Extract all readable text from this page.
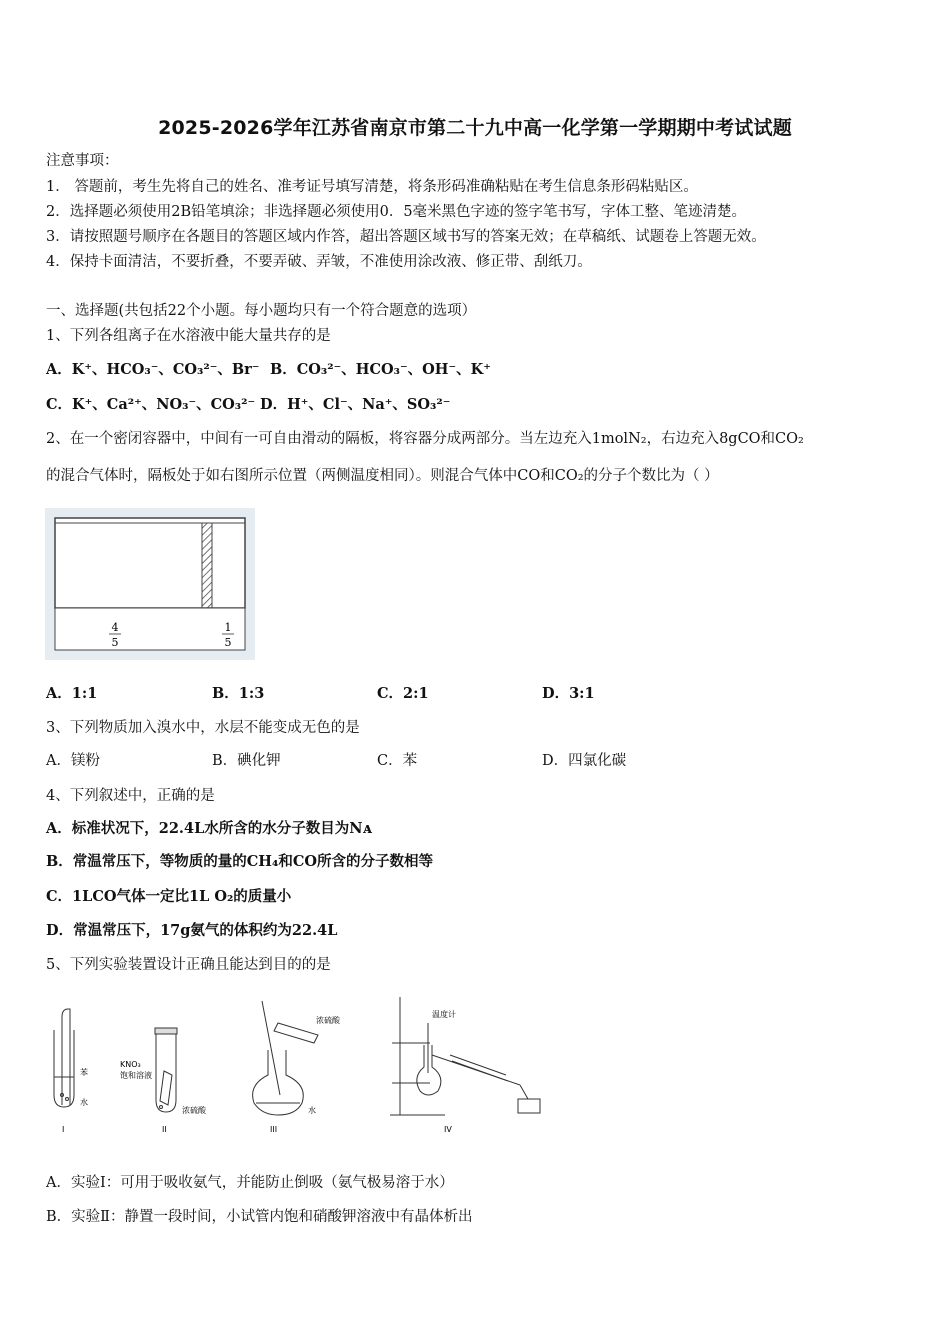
2025-2026学年江苏省南京市第二十九中高一化学第一学期期中考试试题
注意事项：
1． 答题前，考生先将自己的姓名、准考证号填写清楚，将条形码准确粘贴在考生信息条形码粘贴区。
2．选择题必须使用2B铅笔填涂；非选择题必须使用0．5毫米黑色字迹的签字笔书写，字体工整、笔迹清楚。
3．请按照题号顺序在各题目的答题区域内作答，超出答题区域书写的答案无效；在草稿纸、试题卷上答题无效。
4．保持卡面清洁，不要折叠，不要弄破、弄皱，不准使用涂改液、修正带、刮纸刀。
一、选择题(共包括22个小题。每小题均只有一个符合题意的选项）
1、下列各组离子在水溶液中能大量共存的是
A．K⁺、HCO₃⁻、CO₃²⁻、Br⁻ B．CO₃²⁻、HCO₃⁻、OH⁻、K⁺
C．K⁺、Ca²⁺、NO₃⁻、CO₃²⁻ D．H⁺、Cl⁻、Na⁺、SO₃²⁻
2、在一个密闭容器中，中间有一可自由滑动的隔板，将容器分成两部分。当左边充入1molN₂，右边充入8gCO和CO₂
的混合气体时，隔板处于如右图所示位置（两侧温度相同）。则混合气体中CO和CO₂的分子个数比为（ ）
4
5
1
5
A．1:1	B．1:3	C．2:1	D．3:1
3、下列物质加入溴水中，水层不能变成无色的是
A．镁粉	B．碘化钾	C．苯	D．四氯化碳
4、下列叙述中，正确的是
A．标准状况下，22.4L水所含的水分子数目为Nᴀ
B．常温常压下，等物质的量的CH₄和CO所含的分子数相等
C．1LCO气体一定比1L O₂的质量小
D．常温常压下，17g氨气的体积约为22.4L
5、下列实验装置设计正确且能达到目的的是
苯
水
I
KNO₃
饱和溶液
浓硫酸
II
浓硫酸
水
III
温度计
IV
A．实验Ⅰ：可用于吸收氨气，并能防止倒吸（氨气极易溶于水）
B．实验Ⅱ：静置一段时间，小试管内饱和硝酸钾溶液中有晶体析出
